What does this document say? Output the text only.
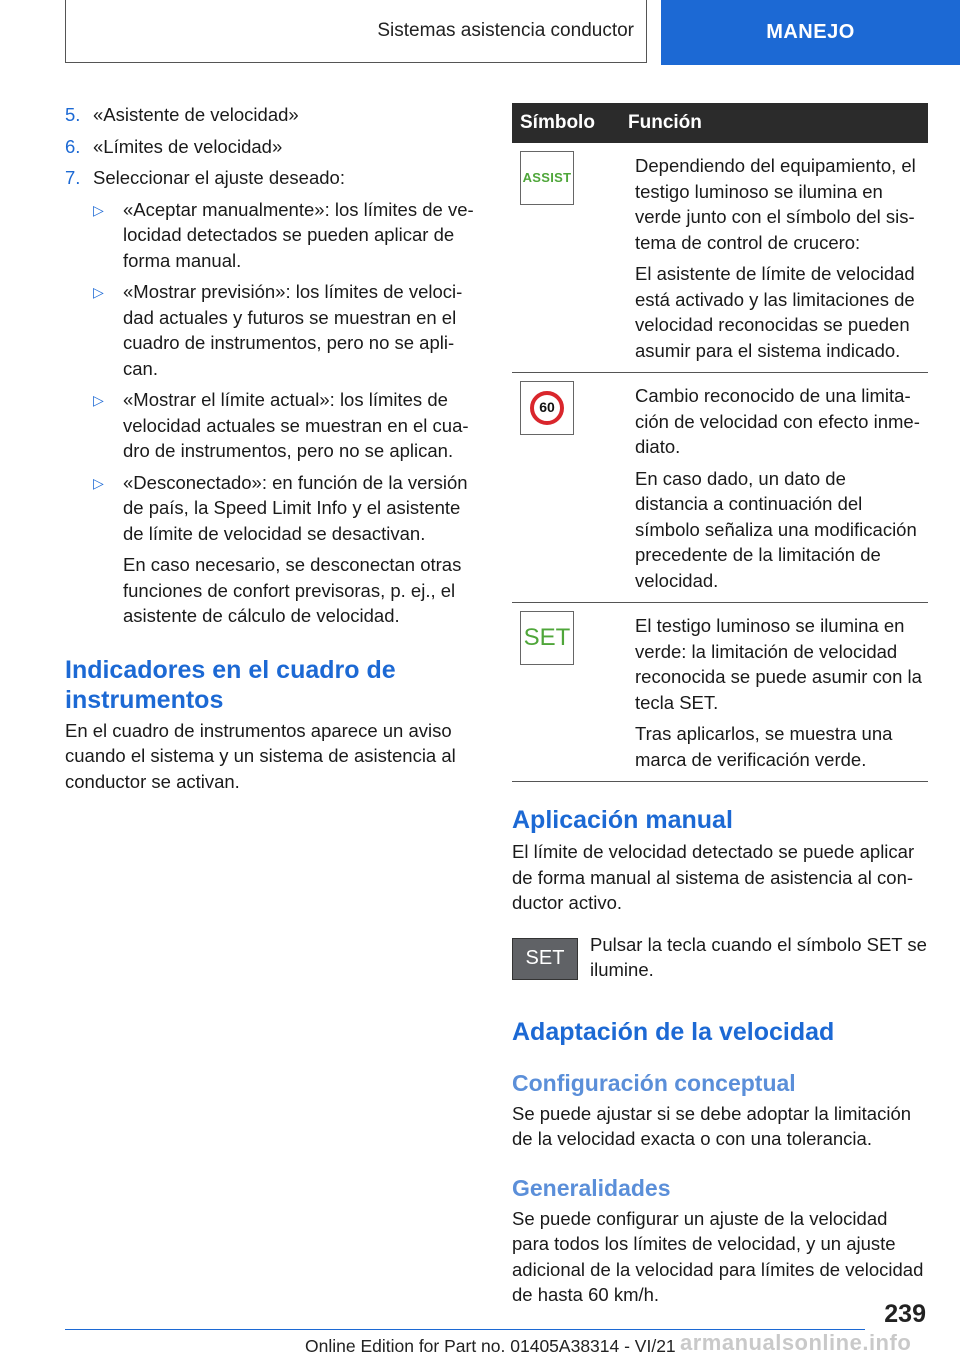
Sistemas asistencia conductor	MANEJO
5. «Asistente de velocidad»
6. «Límites de velocidad»
7. Seleccionar el ajuste deseado:
▷	«Aceptar manualmente»: los límites de velocidad detectados se pueden aplicar de forma manual.

▷	«Mostrar previsión»: los límites de velocidad actuales y futuros se muestran en el cuadro de instrumentos, pero no se aplican.

▷	«Mostrar el límite actual»: los límites de velocidad actuales se muestran en el cuadro de instrumentos, pero no se aplican.

▷	«Desconectado»: en función de la versión de país, la Speed Limit Info y el asistente de límite de velocidad se desactivan.

En caso necesario, se desconectan otras funciones de confort previsoras, p. ej., el asistente de cálculo de velocidad.

Indicadores en el cuadro de instrumentos

En el cuadro de instrumentos aparece un aviso cuando el sistema y un sistema de asistencia al conductor se activan.

Símbolo	Función

ASSIST	Dependiendo del equipamiento, el testigo luminoso se ilumina en verde junto con el símbolo del sistema de control de crucero:

El asistente de límite de velocidad está activado y las limitaciones de velocidad reconocidas se pueden asumir para el sistema indicado.

60	Cambio reconocido de una limitación de velocidad con efecto inmediato.

En caso dado, un dato de distancia a continuación del símbolo señaliza una modificación precedente de la limitación de velocidad.

SET	El testigo luminoso se ilumina en verde: la limitación de velocidad reconocida se puede asumir con la tecla SET.

Tras aplicarlos, se muestra una marca de verificación verde.

Aplicación manual

El límite de velocidad detectado se puede aplicar de forma manual al sistema de asistencia al conductor activo.

SET

Pulsar la tecla cuando el símbolo SET se ilumine.

Adaptación de la velocidad
Configuración conceptual

Se puede ajustar si se debe adoptar la limitación de la velocidad exacta o con una tolerancia.

Generalidades

Se puede configurar un ajuste de la velocidad para todos los límites de velocidad, y un ajuste adicional de la velocidad para límites de velocidad de hasta 60 km/h.

239
Online Edition for Part no. 01405A38314 - VI/21 armanualsonline.info
